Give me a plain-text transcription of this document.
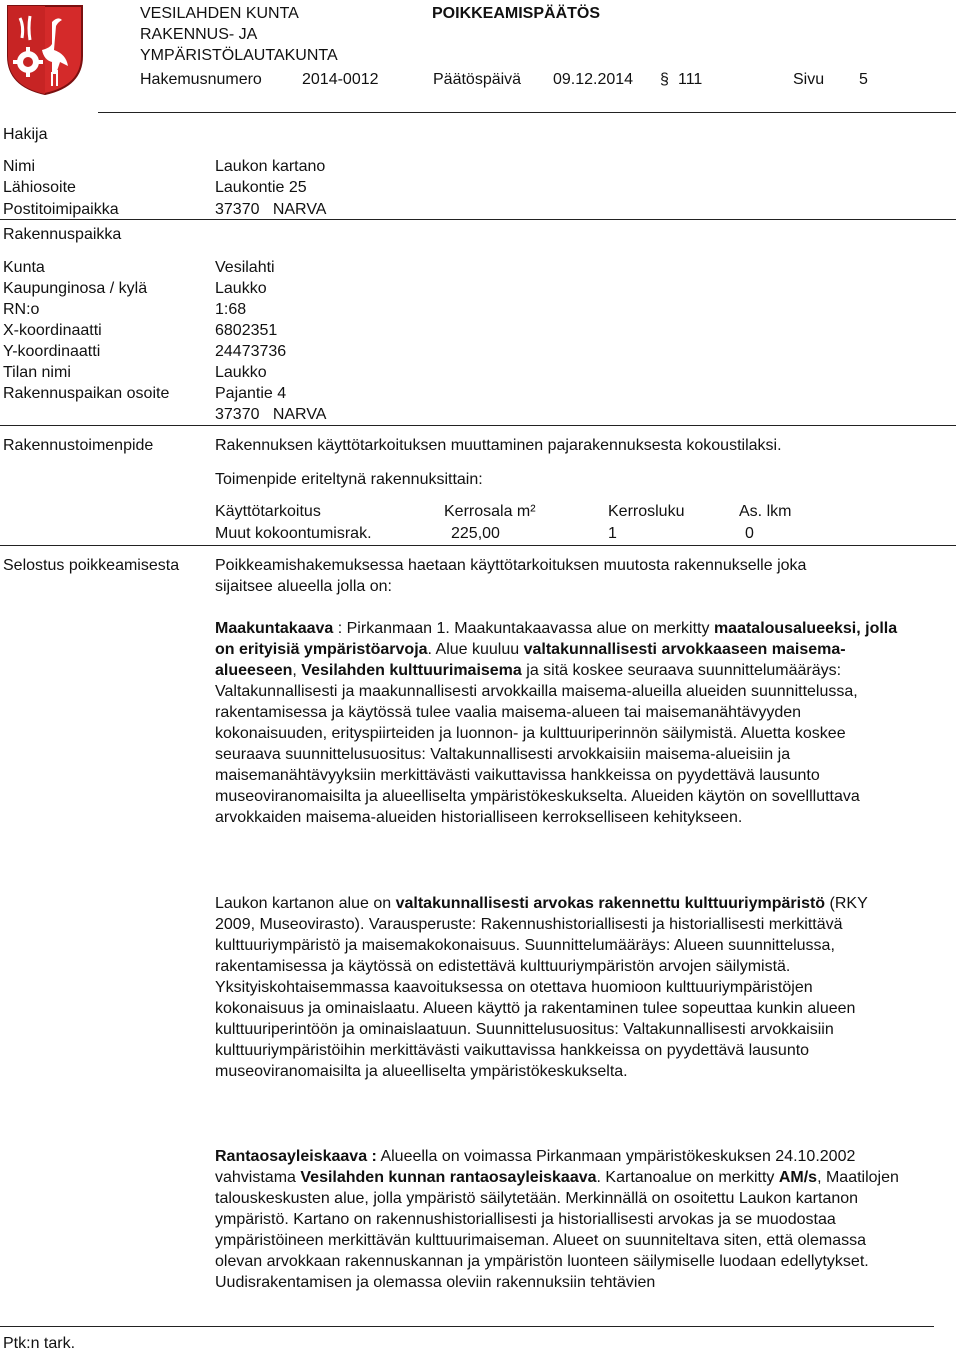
VESILAHDEN KUNTA
RAKENNUS- JA
YMPÄRISTÖLAUTAKUNTA
POIKKEAMISPÄÄTÖS
Hakemusnumero	2014-0012	Päätöspäivä 09.12.2014 § 111	Sivu 5
Hakija
Nimi	Laukon kartano
Lähiosoite	Laukontie 25
Postitoimipaikka	37370   NARVA
Rakennuspaikka
Kunta	Vesilahti
Kaupunginosa / kylä	Laukko
RN:o	1:68
X-koordinaatti	6802351
Y-koordinaatti	24473736
Tilan nimi	Laukko
Rakennuspaikan osoite	Pajantie 4
37370   NARVA
Rakennustoimenpide	Rakennuksen käyttötarkoituksen muuttaminen pajarakennuksesta kokoustilaksi.
Toimenpide eriteltynä rakennuksittain:
Käyttötarkoitus	Kerrosala m²	Kerrosluku	As. lkm
Muut kokoontumisrak.	225,00	1	0
Selostus poikkeamisesta Poikkeamishakemuksessa haetaan käyttötarkoituksen muutosta rakennukselle joka
sijaitsee alueella jolla on:
Maakuntakaava : Pirkanmaan 1. Maakuntakaavassa alue on merkitty maatalousalueeksi, jolla on erityisiä ympäristöarvoja. Alue kuuluu valtakunnallisesti arvokkaaseen maisema-alueeseen, Vesilahden kulttuurimaisema ja sitä koskee seuraava suunnittelumääräys: Valtakunnallisesti ja maakunnallisesti arvokkailla maisema-alueilla alueiden suunnittelussa, rakentamisessa ja käytössä tulee vaalia maisema-alueen tai maisemanähtävyyden kokonaisuuden, erityspiirteiden ja luonnon- ja kulttuuriperinnön säilymistä. Aluetta koskee seuraava suunnittelusuositus: Valtakunnallisesti arvokkaisiin maisema-alueisiin ja maisemanähtävyyksiin merkittävästi vaikuttavissa hankkeissa on pyydettävä lausunto museoviranomaisilta ja alueelliselta ympäristökeskukselta. Alueiden käytön on sovellluttava arvokkaiden maisema-alueiden historialliseen kerrokselliseen kehitykseen.
Laukon kartanon alue on valtakunnallisesti arvokas rakennettu kulttuuriympäristö (RKY 2009, Museovirasto). Varausperuste: Rakennushistoriallisesti ja historiallisesti merkittävä kulttuuriympäristö ja maisemakokonaisuus. Suunnittelumääräys: Alueen suunnittelussa, rakentamisessa ja käytössä on edistettävä kulttuuriympäristön arvojen säilymistä. Yksityiskohtaisemmassa kaavoituksessa on otettava huomioon kulttuuriympäristöjen kokonaisuus ja ominaislaatu. Alueen käyttö ja rakentaminen tulee sopeuttaa kunkin alueen kulttuuriperintöön ja ominaislaatuun. Suunnittelusuositus: Valtakunnallisesti arvokkaisiin kulttuuriympäristöihin merkittävästi vaikuttavissa hankkeissa on pyydettävä lausunto museoviranomaisilta ja alueelliselta ympäristökeskukselta.
Rantaosayleiskaava : Alueella on voimassa Pirkanmaan ympäristökeskuksen 24.10.2002 vahvistama Vesilahden kunnan rantaosayleiskaava. Kartanoalue on merkitty AM/s, Maatilojen talouskeskusten alue, jolla ympäristö säilytetään. Merkinnällä on osoitettu Laukon kartanon ympäristö. Kartano on rakennushistoriallisesti ja historiallisesti arvokas ja se muodostaa ympäristöineen merkittävän kulttuurimaiseman. Alueet on suunniteltava siten, että olemassa olevan arvokkaan rakennuskannan ja ympäristön luonteen säilymiselle luodaan edellytykset. Uudisrakentamisen ja olemassa oleviin rakennuksiin tehtävien
Ptk:n tark.
